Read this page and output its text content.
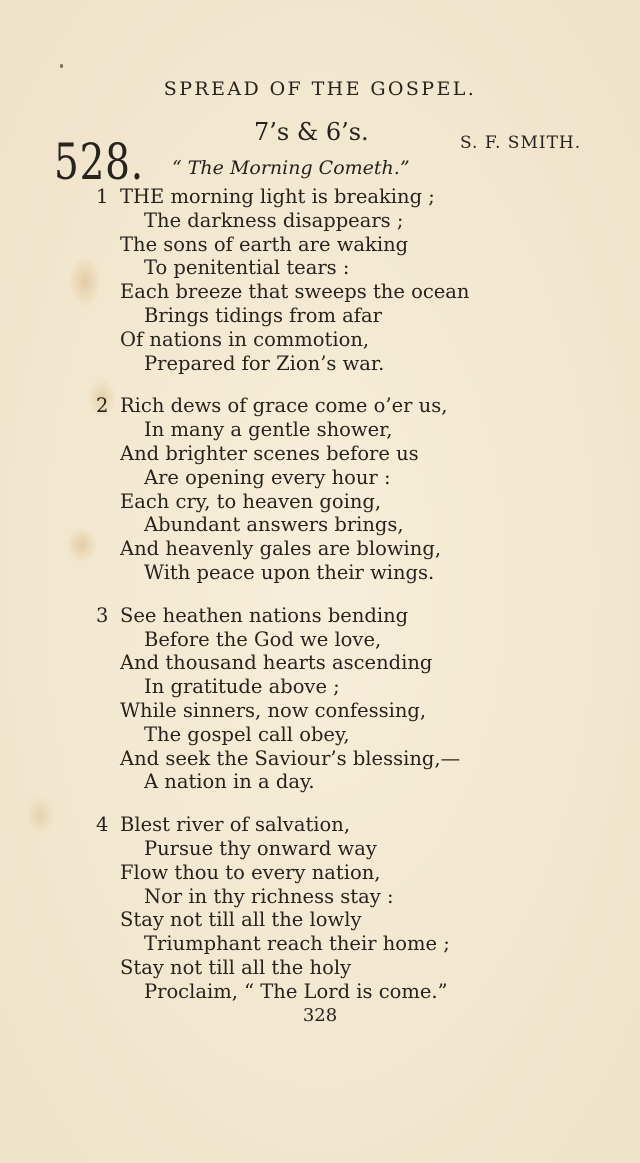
SPREAD OF THE GOSPEL.
528.
7’s & 6’s.	S. F. SMITH.
“ The Morning Cometh.”
1 THE morning light is breaking ;
The darkness disappears ;
The sons of earth are waking
To penitential tears :
Each breeze that sweeps the ocean
Brings tidings from afar
Of nations in commotion,
Prepared for Zion’s war.
2 Rich dews of grace come o’er us,
In many a gentle shower,
And brighter scenes before us
Are opening every hour :
Each cry, to heaven going,
Abundant answers brings,
And heavenly gales are blowing,
With peace upon their wings.
3 See heathen nations bending
Before the God we love,
And thousand hearts ascending
In gratitude above ;
While sinners, now confessing,
The gospel call obey,
And seek the Saviour’s blessing,—
A nation in a day.
4 Blest river of salvation,
Pursue thy onward way
Flow thou to every nation,
Nor in thy richness stay :
Stay not till all the lowly
Triumphant reach their home ;
Stay not till all the holy
Proclaim, “ The Lord is come.”
328
